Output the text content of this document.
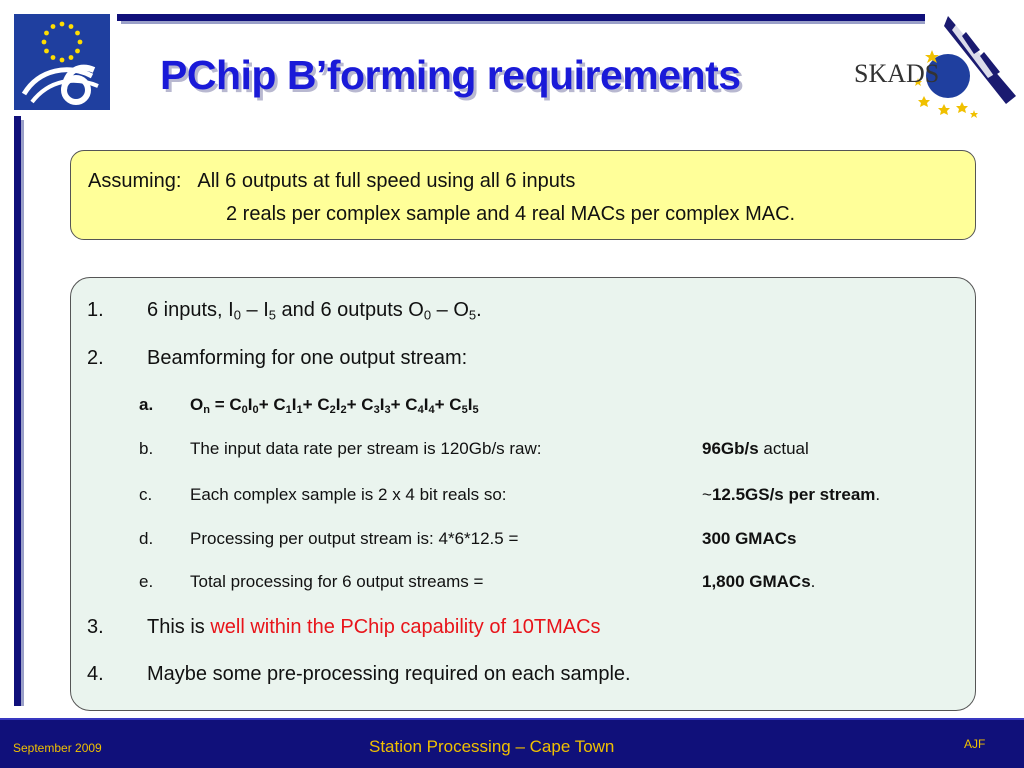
PChip B’forming requirements	SKADS
Assuming: All 6 outputs at full speed using all 6 inputs
2 reals per complex sample and 4 real MACs per complex MAC.
1. 6 inputs, $I_0 - I_5$ and 6 outputs $O_0 - O_5$.
2. Beamforming for one output stream:
a. $O_n = C_0I_0+ C_1I_1+ C_2I_2+ C_3I_3+ C_4I_4+ C_5I_5$
b. The input data rate per stream is 120Gb/s raw:	96Gb/s actual
c. Each complex sample is 2 x 4 bit reals so:	~12.5GS/s per stream.
d. Processing per output stream is: 4*6*12.5 =	300 GMACs
e. Total processing for 6 output streams =	1,800 GMACs.
3. This is well within the PChip capability of 10TMACs
4. Maybe some pre-processing required on each sample.
September 2009	Station Processing – Cape Town	AJF
